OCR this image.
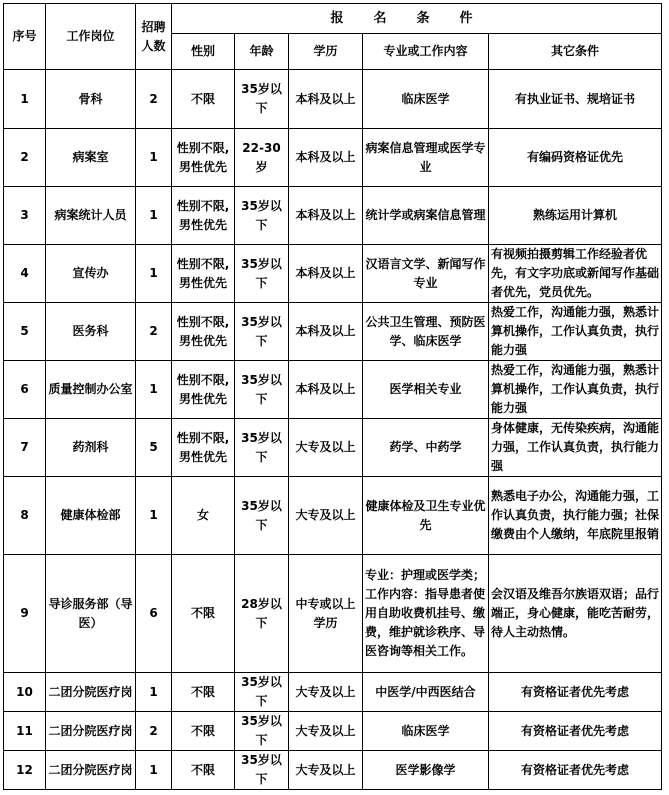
序号	工作岗位	招聘人数	报名条件				
			性别	年龄	学历	专业或工作内容	其它条件
1	骨科	2	不限	35岁以下	本科及以上	临床医学	有执业证书、规培证书
2	病案室	1	性别不限,男性优先	22-30岁	本科及以上	病案信息管理或医学专业	有编码资格证优先
3	病案统计人员	1	性别不限,男性优先	35岁以下	本科及以上	统计学或病案信息管理	熟练运用计算机
4	宣传办	1	性别不限,男性优先	35岁以下	本科及以上	汉语言文学、新闻写作专业	有视频拍摄剪辑工作经验者优先，有文字功底或新闻写作基础者优先，党员优先。
5	医务科	2	性别不限,男性优先	35岁以下	本科及以上	公共卫生管理、预防医学、临床医学	热爱工作，沟通能力强，熟悉计算机操作，工作认真负责，执行能力强
6	质量控制办公室	1	性别不限,男性优先	35岁以下	本科及以上	医学相关专业	热爱工作，沟通能力强，熟悉计算机操作，工作认真负责，执行能力强
7	药剂科	5	性别不限,男性优先	35岁以下	大专及以上	药学、中药学	身体健康，无传染疾病，沟通能力强，工作认真负责，执行能力强
8	健康体检部	1	女	35岁以下	大专及以上	健康体检及卫生专业优先	熟悉电子办公，沟通能力强，工作认真负责，执行能力强；社保缴费由个人缴纳，年底院里报销
9	导诊服务部（导医）	6	不限	28岁以下	中专或以上学历	专业：护理或医学类；工作内容：指导患者使用自助收费机挂号、缴费，维护就诊秩序、导医咨询等相关工作。	会汉语及维吾尔族语双语；品行端正，身心健康，能吃苦耐劳，待人主动热情。
10	二团分院医疗岗	1	不限	35岁以下	大专及以上	中医学/中西医结合	有资格证者优先考虑
11	二团分院医疗岗	2	不限	35岁以下	大专及以上	临床医学	有资格证者优先考虑
12	二团分院医疗岗	1	不限	35岁以下	大专及以上	医学影像学	有资格证者优先考虑
